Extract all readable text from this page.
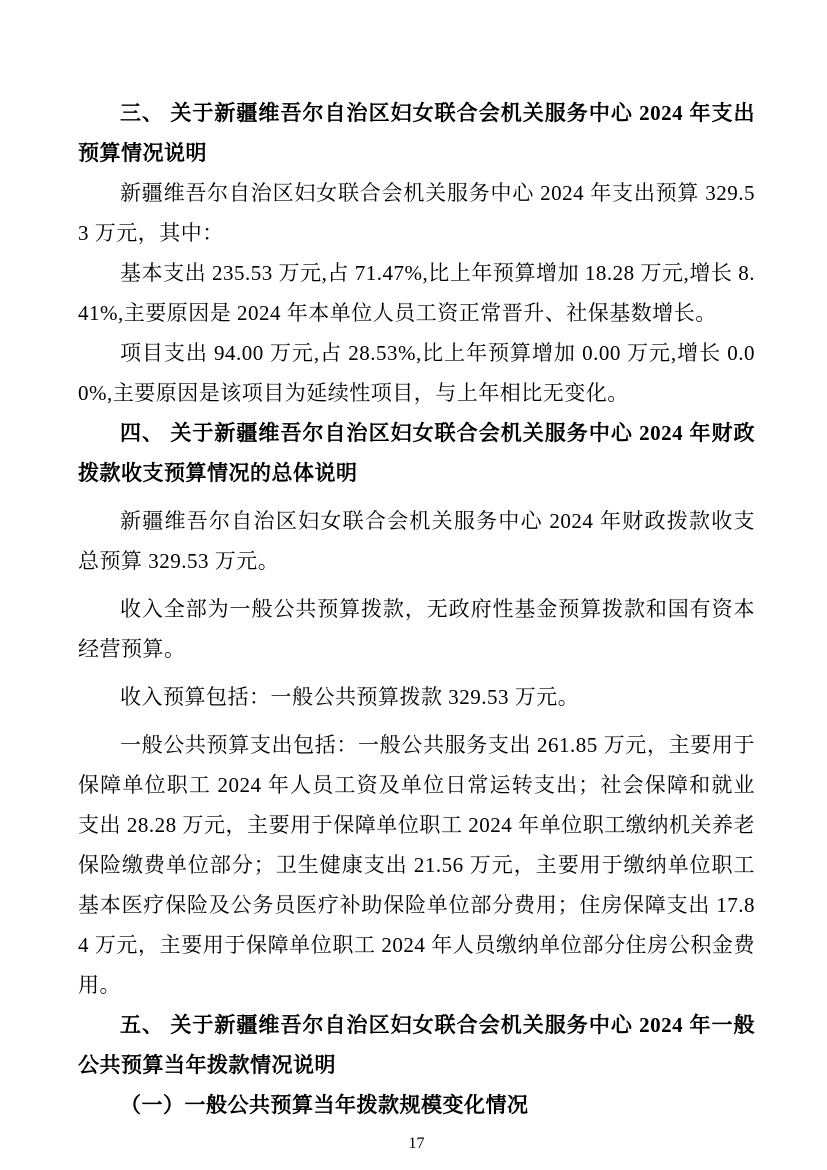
三、 关于新疆维吾尔自治区妇女联合会机关服务中心 2024 年支出预算情况说明

新疆维吾尔自治区妇女联合会机关服务中心 2024 年支出预算 329.53 万元，其中：

基本支出 235.53 万元,占 71.47%,比上年预算增加 18.28 万元,增长 8.41%,主要原因是 2024 年本单位人员工资正常晋升、社保基数增长。

项目支出 94.00 万元,占 28.53%,比上年预算增加 0.00 万元,增长 0.00%,主要原因是该项目为延续性项目，与上年相比无变化。

四、 关于新疆维吾尔自治区妇女联合会机关服务中心 2024 年财政拨款收支预算情况的总体说明

新疆维吾尔自治区妇女联合会机关服务中心 2024 年财政拨款收支总预算 329.53 万元。

收入全部为一般公共预算拨款，无政府性基金预算拨款和国有资本经营预算。

收入预算包括：一般公共预算拨款 329.53 万元。

一般公共预算支出包括：一般公共服务支出 261.85 万元，主要用于保障单位职工 2024 年人员工资及单位日常运转支出；社会保障和就业支出 28.28 万元，主要用于保障单位职工 2024 年单位职工缴纳机关养老保险缴费单位部分；卫生健康支出 21.56 万元，主要用于缴纳单位职工基本医疗保险及公务员医疗补助保险单位部分费用；住房保障支出 17.84 万元，主要用于保障单位职工 2024 年人员缴纳单位部分住房公积金费用。

五、 关于新疆维吾尔自治区妇女联合会机关服务中心 2024 年一般公共预算当年拨款情况说明

（一）一般公共预算当年拨款规模变化情况

17
